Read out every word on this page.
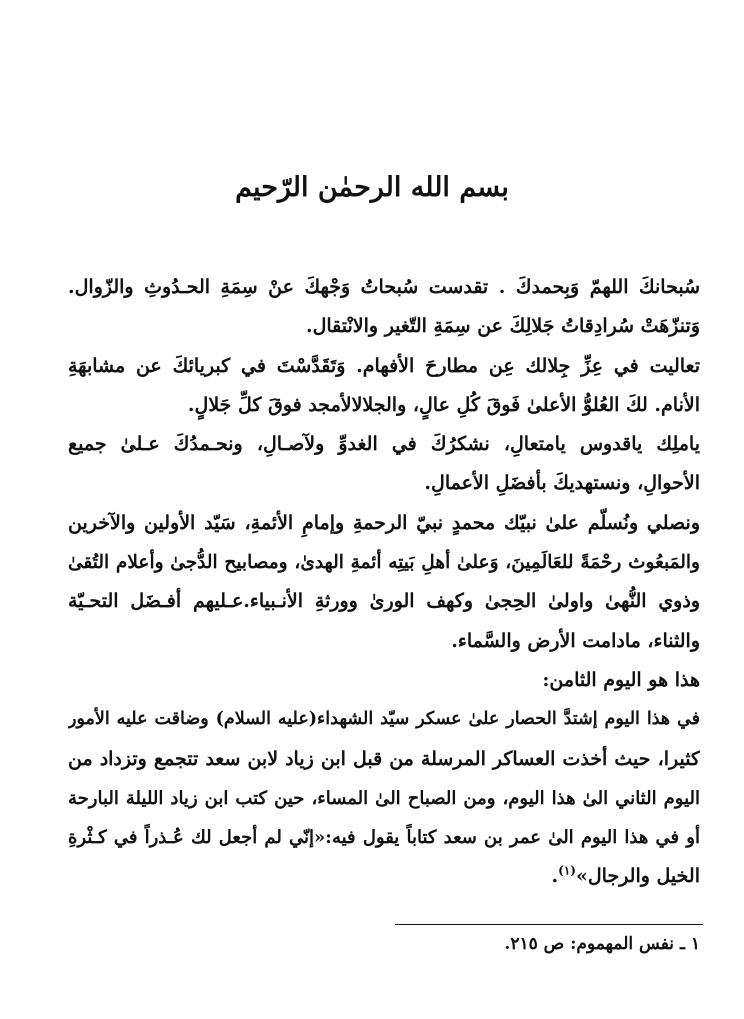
بسم الله الرحمٰن الرّحيم
سُبحانكَ اللهمّ وَبِحمدكَ . تقدست سُبحاتُ وَجْهكَ عنْ سِمَةِ الحـدُوثِ والزّوال.
وَتنزّهَتْ سُرادِقاتُ جَلالِكَ عن سِمَةِ التّغير والانْتقال.
تعاليت في عِزِّ جِلالك عِن مطارحَ الأفهام. وَتَقَدَّسْتَ في كبريائكَ عن مشابهَةِ
الأنام. لكَ العُلوُّ الأعلىٰ فَوقَ كُلِ عالٍ، والجلالالأمجد فوقَ كلِّ جَلالٍ.
ياملِك ياقدوس يامتعالِ، نشكرُكَ في الغدوِّ ولآصـالِ، ونحـمدُكَ عـلىٰ جميع
الأحوالِ، ونستهديكَ بأفضَلِ الأعمالِ.
ونصلي ونُسلّم علىٰ نبيّك محمدٍ نبيّ الرحمةِ وإمامِ الأئمةِ، سَيّد الأولين والآخرين
والمَبعُوث رحْمَةً للعَالَمِينَ، وَعلىٰ أهلِ بَيتِه أئمةِ الهدىٰ، ومصابيح الدُّجىٰ وأعلام التُقىٰ
وذوي النُّهىٰ واولىٰ الحِجىٰ وكهف الورىٰ وورثةِ الأنـبياء.عـليهم أفـضَل التحـيّة
والثناء، مادامت الأرض والسَّماء.
هذا هو اليوم الثامن:
في هذا اليوم إشتدَّ الحصار علىٰ عسكر سيّد الشهداء(عليه السلام) وضاقت عليه الأمور
كثيرا، حيث أخذت العساكر المرسلة من قبل ابن زياد لابن سعد تتجمع وتزداد من
اليوم الثاني الىٰ هذا اليوم، ومن الصباح الىٰ المساء، حين كتب ابن زياد الليلة البارحة
أو في هذا اليوم الىٰ عمر بن سعد كتاباً يقول فيه:«إنّي لم أجعل لك عُـذراً في كـثْرةِ
الخيل والرجال»$^{(١)}$.
١ ـ نفس المهموم: ص ٢١٥.
